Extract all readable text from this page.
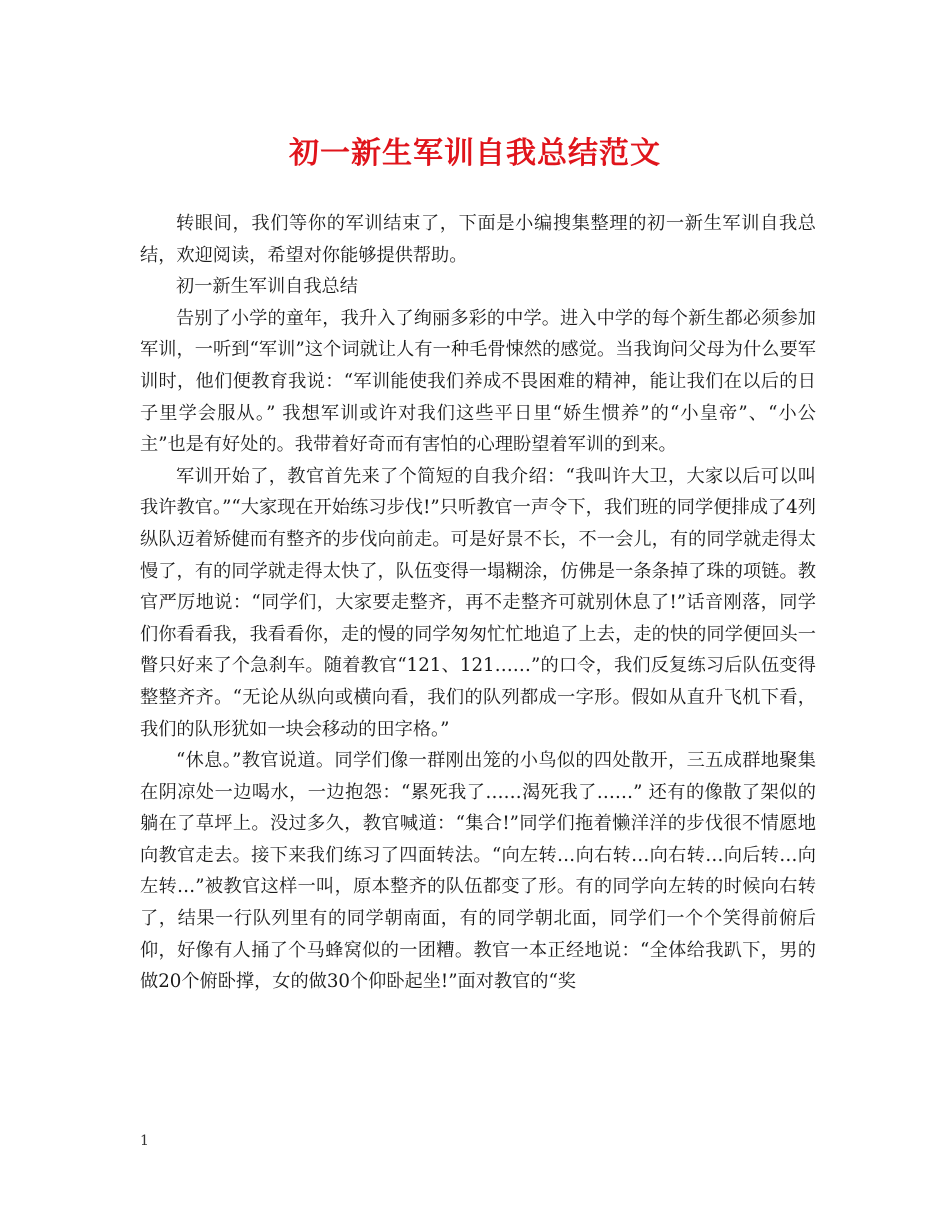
初一新生军训自我总结范文

转眼间，我们等你的军训结束了，下面是小编搜集整理的初一新生军训自我总结，欢迎阅读，希望对你能够提供帮助。

初一新生军训自我总结

告别了小学的童年，我升入了绚丽多彩的中学。进入中学的每个新生都必须参加军训，一听到“军训”这个词就让人有一种毛骨悚然的感觉。当我询问父母为什么要军训时，他们便教育我说：“军训能使我们养成不畏困难的精神，能让我们在以后的日子里学会服从。” 我想军训或许对我们这些平日里“娇生惯养”的“小皇帝”、“小公主”也是有好处的。我带着好奇而有害怕的心理盼望着军训的到来。

军训开始了，教官首先来了个简短的自我介绍：“我叫许大卫，大家以后可以叫我许教官。”“大家现在开始练习步伐!”只听教官一声令下，我们班的同学便排成了4列纵队迈着矫健而有整齐的步伐向前走。可是好景不长，不一会儿，有的同学就走得太慢了，有的同学就走得太快了，队伍变得一塌糊涂，仿佛是一条条掉了珠的项链。教官严厉地说：“同学们，大家要走整齐，再不走整齐可就别休息了!”话音刚落，同学们你看看我，我看看你，走的慢的同学匆匆忙忙地追了上去，走的快的同学便回头一瞥只好来了个急刹车。随着教官“121、121……”的口令，我们反复练习后队伍变得整整齐齐。“无论从纵向或横向看，我们的队列都成一字形。假如从直升飞机下看，我们的队形犹如一块会移动的田字格。”

“休息。”教官说道。同学们像一群刚出笼的小鸟似的四处散开，三五成群地聚集在阴凉处一边喝水，一边抱怨：“累死我了……渴死我了……” 还有的像散了架似的躺在了草坪上。没过多久，教官喊道：“集合!”同学们拖着懒洋洋的步伐很不情愿地向教官走去。接下来我们练习了四面转法。“向左转…向右转…向右转…向后转…向左转…”被教官这样一叫，原本整齐的队伍都变了形。有的同学向左转的时候向右转了，结果一行队列里有的同学朝南面，有的同学朝北面，同学们一个个笑得前俯后仰，好像有人捅了个马蜂窝似的一团糟。教官一本正经地说：“全体给我趴下，男的做20个俯卧撑，女的做30个仰卧起坐!”面对教官的“奖

1
